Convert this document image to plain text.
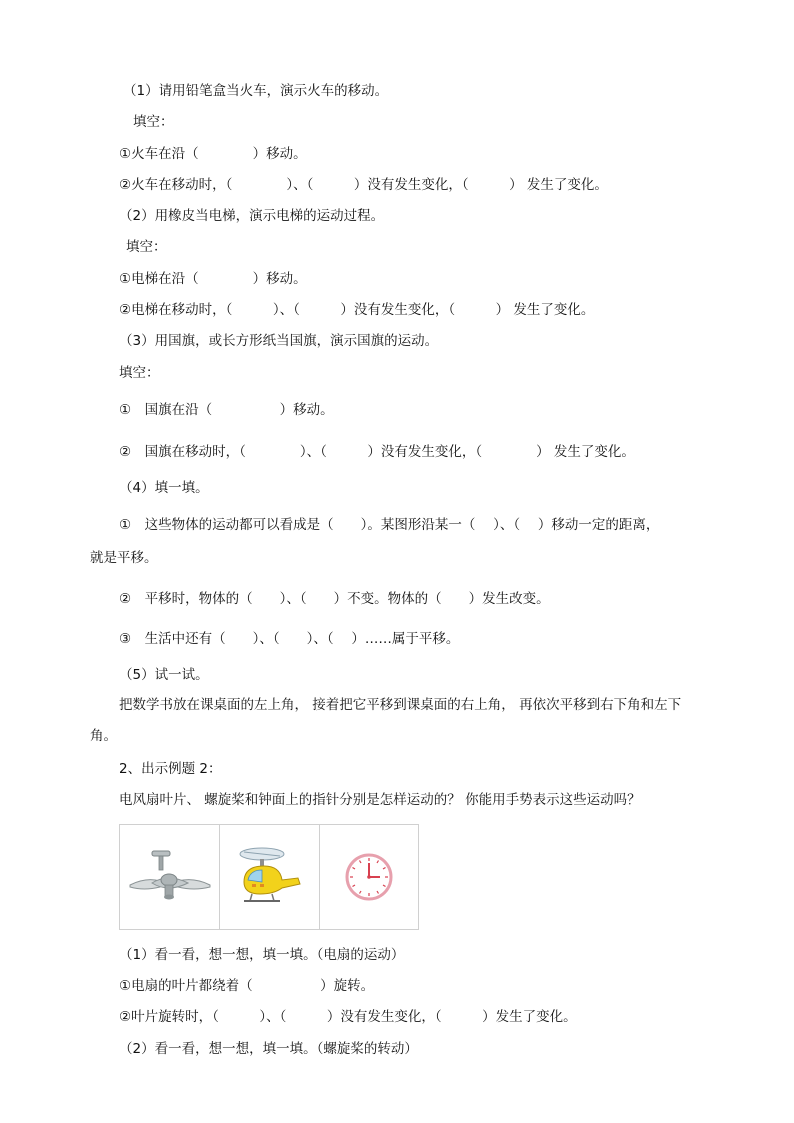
（1）请用铅笔盒当火车，演示火车的移动。
填空：
①火车在沿（　　　　）移动。
②火车在移动时，（　　　　）、（　　　）没有发生变化，（　　　） 发生了变化。
（2）用橡皮当电梯，演示电梯的运动过程。
填空：
①电梯在沿（　　　　）移动。
②电梯在移动时，（　　　）、（　　　）没有发生变化，（　　　） 发生了变化。
（3）用国旗，或长方形纸当国旗，演示国旗的运动。
填空：
①　国旗在沿（　　　　　）移动。
②　国旗在移动时，（　　　　）、（　　　）没有发生变化，（　　　　） 发生了变化。
（4）填一填。
①　这些物体的运动都可以看成是（　　）。某图形沿某一（　 ）、（　 ）移动一定的距离，
就是平移。
②　平移时，物体的（　　）、（　　）不变。物体的（　　）发生改变。
③　生活中还有（　　）、（　　）、（　 ）……属于平移。
（5）试一试。
把数学书放在课桌面的左上角， 接着把它平移到课桌面的右上角， 再依次平移到右下角和左下
角。
2、出示例题 2：
电风扇叶片、 螺旋桨和钟面上的指针分别是怎样运动的？ 你能用手势表示这些运动吗？
（1）看一看，想一想，填一填。（电扇的运动）
①电扇的叶片都绕着（　　　　　）旋转。
②叶片旋转时，（　　　）、（　　　）没有发生变化，（　　　）发生了变化。
（2）看一看，想一想，填一填。（螺旋桨的转动）
